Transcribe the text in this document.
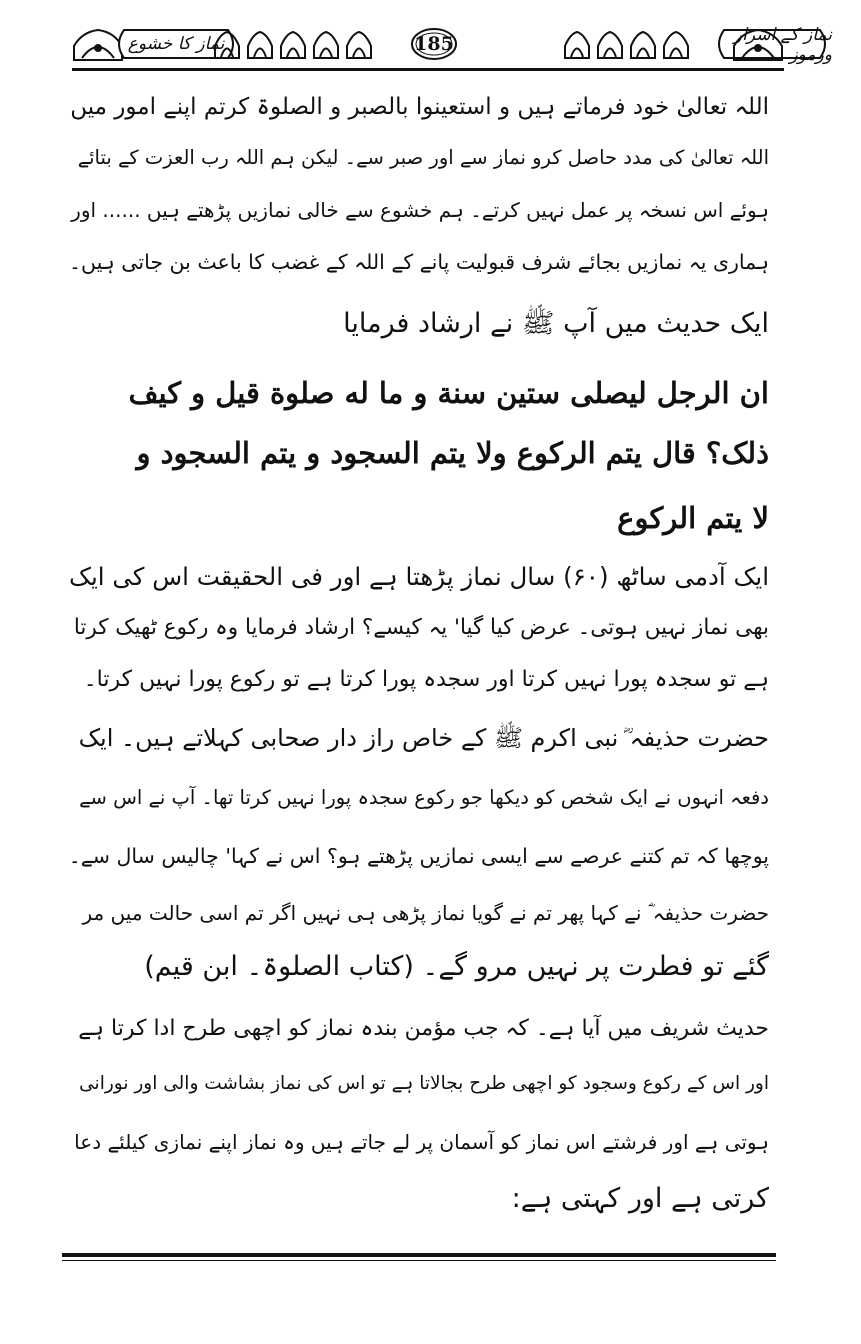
نماز کا خشوع	185	نماز کے اسرار ورموز
اللہ تعالیٰ خود فرماتے ہیں و استعینوا بالصبر و الصلوۃ کرتم اپنے امور میں
اللہ تعالیٰ کی مدد حاصل کرو نماز سے اور صبر سے۔ لیکن ہم اللہ رب العزت کے بتائے
ہوئے اس نسخہ پر عمل نہیں کرتے۔ ہم خشوع سے خالی نمازیں پڑھتے ہیں ...... اور
ہماری یہ نمازیں بجائے شرف قبولیت پانے کے اللہ کے غضب کا باعث بن جاتی ہیں۔
ایک حدیث میں آپ ﷺ نے ارشاد فرمایا
ان الرجل لیصلی ستین سنة و ما له صلوة قیل و کیف
ذلک؟ قال یتم الرکوع ولا یتم السجود و یتم السجود و
لا یتم الرکوع
ایک آدمی ساٹھ (۶۰) سال نماز پڑھتا ہے اور فی الحقیقت اس کی ایک
بھی نماز نہیں ہوتی۔ عرض کیا گیا' یہ کیسے؟ ارشاد فرمایا وہ رکوع ٹھیک کرتا
ہے تو سجدہ پورا نہیں کرتا اور سجدہ پورا کرتا ہے تو رکوع پورا نہیں کرتا۔
حضرت حذیفہ ؓ نبی اکرم ﷺ کے خاص راز دار صحابی کہلاتے ہیں۔ ایک
دفعہ انہوں نے ایک شخص کو دیکھا جو رکوع سجدہ پورا نہیں کرتا تھا۔ آپ نے اس سے
پوچھا کہ تم کتنے عرصے سے ایسی نمازیں پڑھتے ہو؟ اس نے کہا' چالیس سال سے۔
حضرت حذیفہ ؓ نے کہا پھر تم نے گویا نماز پڑھی ہی نہیں اگر تم اسی حالت میں مر
گئے تو فطرت پر نہیں مرو گے۔ (کتاب الصلوۃ۔ ابن قیم)
حدیث شریف میں آیا ہے۔ کہ جب مؤمن بندہ نماز کو اچھی طرح ادا کرتا ہے
اور اس کے رکوع وسجود کو اچھی طرح بجالاتا ہے تو اس کی نماز بشاشت والی اور نورانی
ہوتی ہے اور فرشتے اس نماز کو آسمان پر لے جاتے ہیں وہ نماز اپنے نمازی کیلئے دعا
کرتی ہے اور کہتی ہے:
